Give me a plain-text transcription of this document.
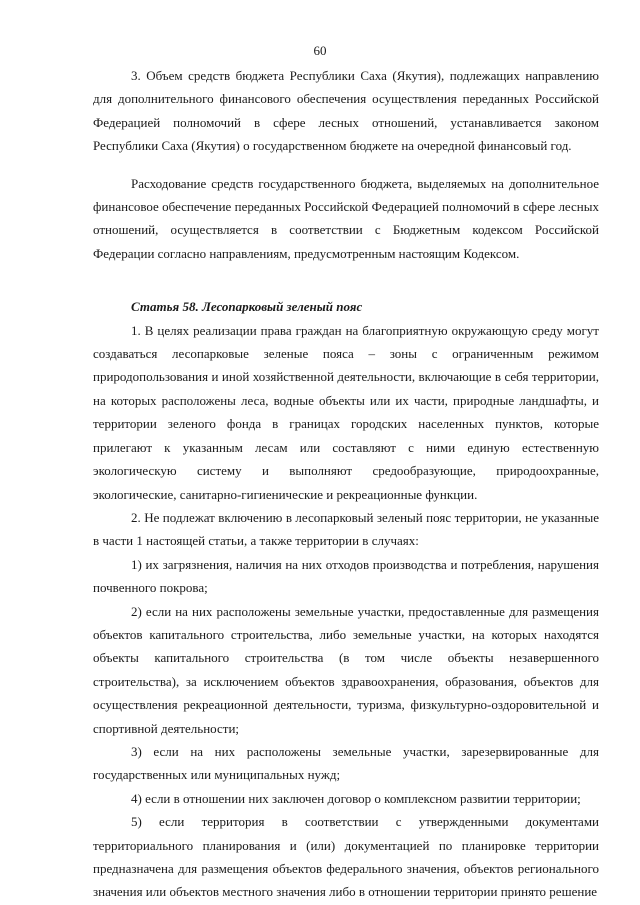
60

3. Объем средств бюджета Республики Саха (Якутия), подлежащих направлению для дополнительного финансового обеспечения осуществления переданных Российской Федерацией полномочий в сфере лесных отношений, устанавливается законом Республики Саха (Якутия) о государственном бюджете на очередной финансовый год.

Расходование средств государственного бюджета, выделяемых на дополнительное финансовое обеспечение переданных Российской Федерацией полномочий в сфере лесных отношений, осуществляется в соответствии с Бюджетным кодексом Российской Федерации согласно направлениям, предусмотренным настоящим Кодексом.

Статья 58. Лесопарковый зеленый пояс

1. В целях реализации права граждан на благоприятную окружающую среду могут создаваться лесопарковые зеленые пояса – зоны с ограниченным режимом природопользования и иной хозяйственной деятельности, включающие в себя территории, на которых расположены леса, водные объекты или их части, природные ландшафты, и территории зеленого фонда в границах городских населенных пунктов, которые прилегают к указанным лесам или составляют с ними единую естественную экологическую систему и выполняют средообразующие, природоохранные, экологические, санитарно-гигиенические и рекреационные функции.

2. Не подлежат включению в лесопарковый зеленый пояс территории, не указанные в части 1 настоящей статьи, а также территории в случаях:

1) их загрязнения, наличия на них отходов производства и потребления, нарушения почвенного покрова;

2) если на них расположены земельные участки, предоставленные для размещения объектов капитального строительства, либо земельные участки, на которых находятся объекты капитального строительства (в том числе объекты незавершенного строительства), за исключением объектов здравоохранения, образования, объектов для осуществления рекреационной деятельности, туризма, физкультурно-оздоровительной и спортивной деятельности;

3) если на них расположены земельные участки, зарезервированные для государственных или муниципальных нужд;

4) если в отношении них заключен договор о комплексном развитии территории;

5) если территория в соответствии с утвержденными документами территориального планирования и (или) документацией по планировке территории предназначена для размещения объектов федерального значения, объектов регионального значения или объектов местного значения либо в отношении территории принято решение
